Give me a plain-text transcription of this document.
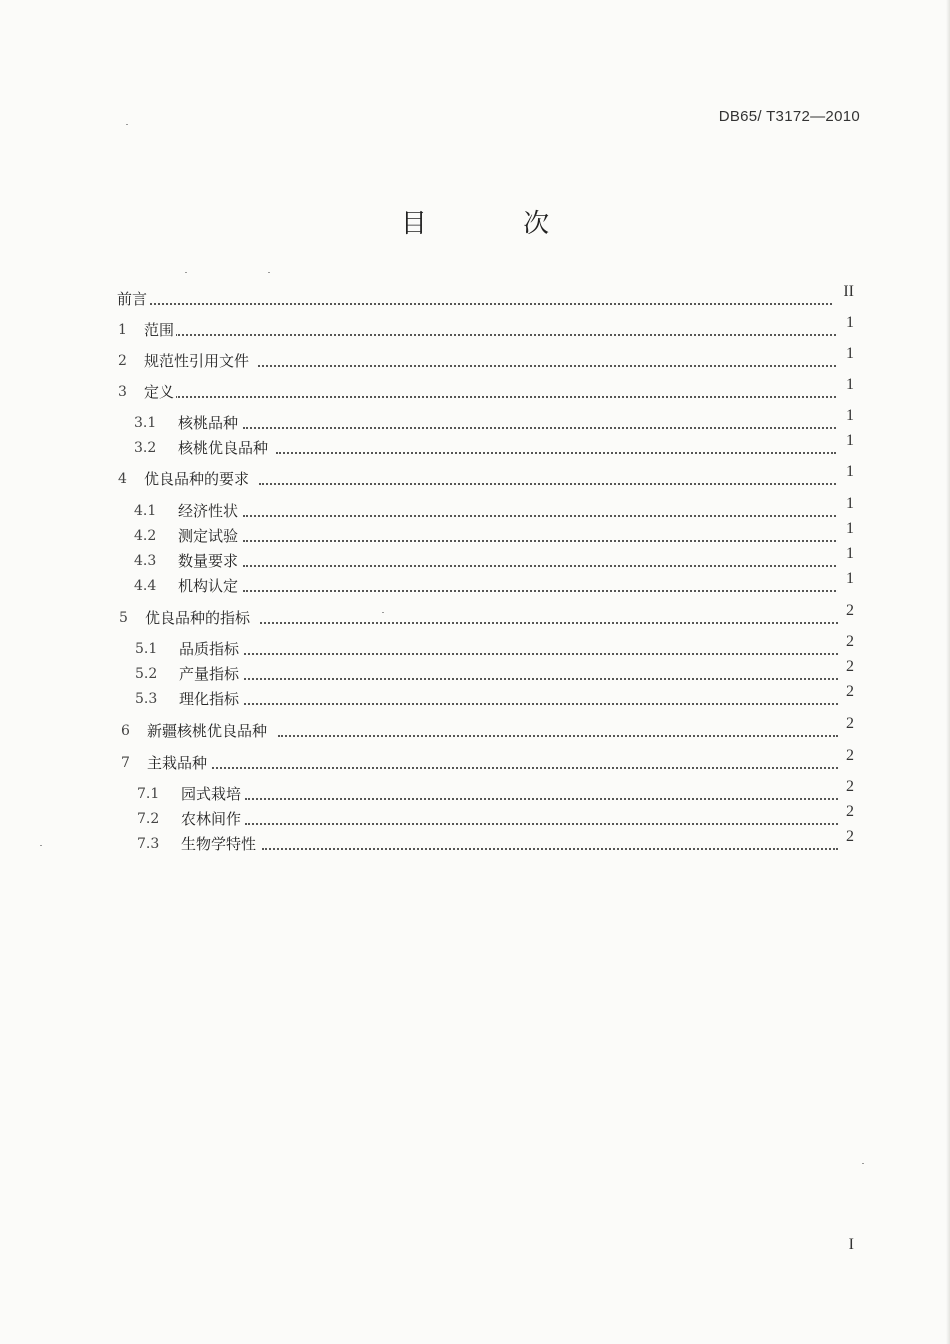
DB65/ T3172—2010
目 次
前言	II
1 范围	1
2 规范性引用文件	1
3 定义	1
3.1 核桃品种	1
3.2 核桃优良品种	1
4 优良品种的要求	1
4.1 经济性状	1
4.2 测定试验	1
4.3 数量要求	1
4.4 机构认定	1
5 优良品种的指标	2
5.1 品质指标	2
5.2 产量指标	2
5.3 理化指标	2
6 新疆核桃优良品种	2
7 主栽品种	2
7.1 园式栽培	2
7.2 农林间作	2
7.3 生物学特性	2
I
